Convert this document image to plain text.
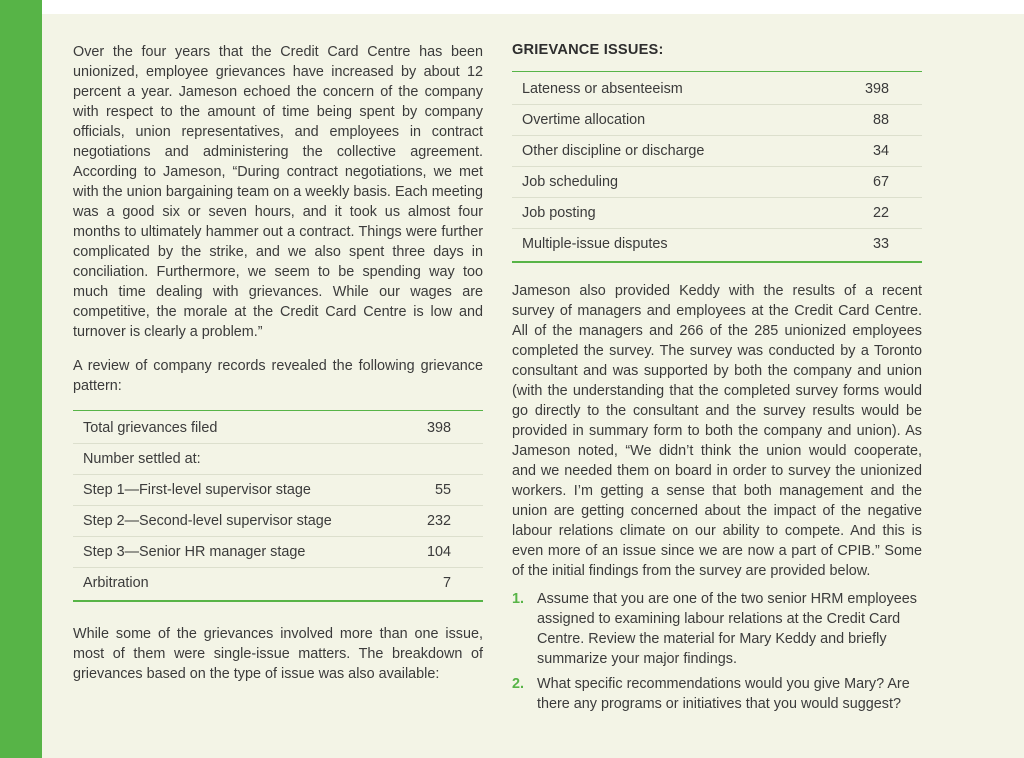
Over the four years that the Credit Card Centre has been unionized, employee grievances have increased by about 12 percent a year. Jameson echoed the concern of the company with respect to the amount of time being spent by company officials, union representatives, and employees in contract negotiations and administering the collective agreement. According to Jameson, “During contract negotiations, we met with the union bargaining team on a weekly basis. Each meeting was a good six or seven hours, and it took us almost four months to ultimately hammer out a contract. Things were further complicated by the strike, and we also spent three days in conciliation. Furthermore, we seem to be spending way too much time dealing with grievances. While our wages are competitive, the morale at the Credit Card Centre is low and turnover is clearly a problem.”

A review of company records revealed the following grievance pattern:

Total grievances filed	398
Number settled at:	
Step 1—First-level supervisor stage	55
Step 2—Second-level supervisor stage	232
Step 3—Senior HR manager stage	104
Arbitration	7

While some of the grievances involved more than one issue, most of them were single-issue matters. The breakdown of grievances based on the type of issue was also available:

GRIEVANCE ISSUES:
Lateness or absenteeism	398
Overtime allocation	88
Other discipline or discharge	34
Job scheduling	67
Job posting	22
Multiple-issue disputes	33

Jameson also provided Keddy with the results of a recent survey of managers and employees at the Credit Card Centre. All of the managers and 266 of the 285 unionized employees completed the survey. The survey was conducted by a Toronto consultant and was supported by both the company and union (with the understanding that the completed survey forms would go directly to the consultant and the survey results would be provided in summary form to both the company and union). As Jameson noted, “We didn’t think the union would cooperate, and we needed them on board in order to survey the unionized workers. I’m getting a sense that both management and the union are getting concerned about the impact of the negative labour relations climate on our ability to compete. And this is even more of an issue since we are now a part of CPIB.” Some of the initial findings from the survey are provided below.

1. Assume that you are one of the two senior HRM employees assigned to examining labour relations at the Credit Card Centre. Review the material for Mary Keddy and briefly summarize your major findings.
2. What specific recommendations would you give Mary? Are there any programs or initiatives that you would suggest?
